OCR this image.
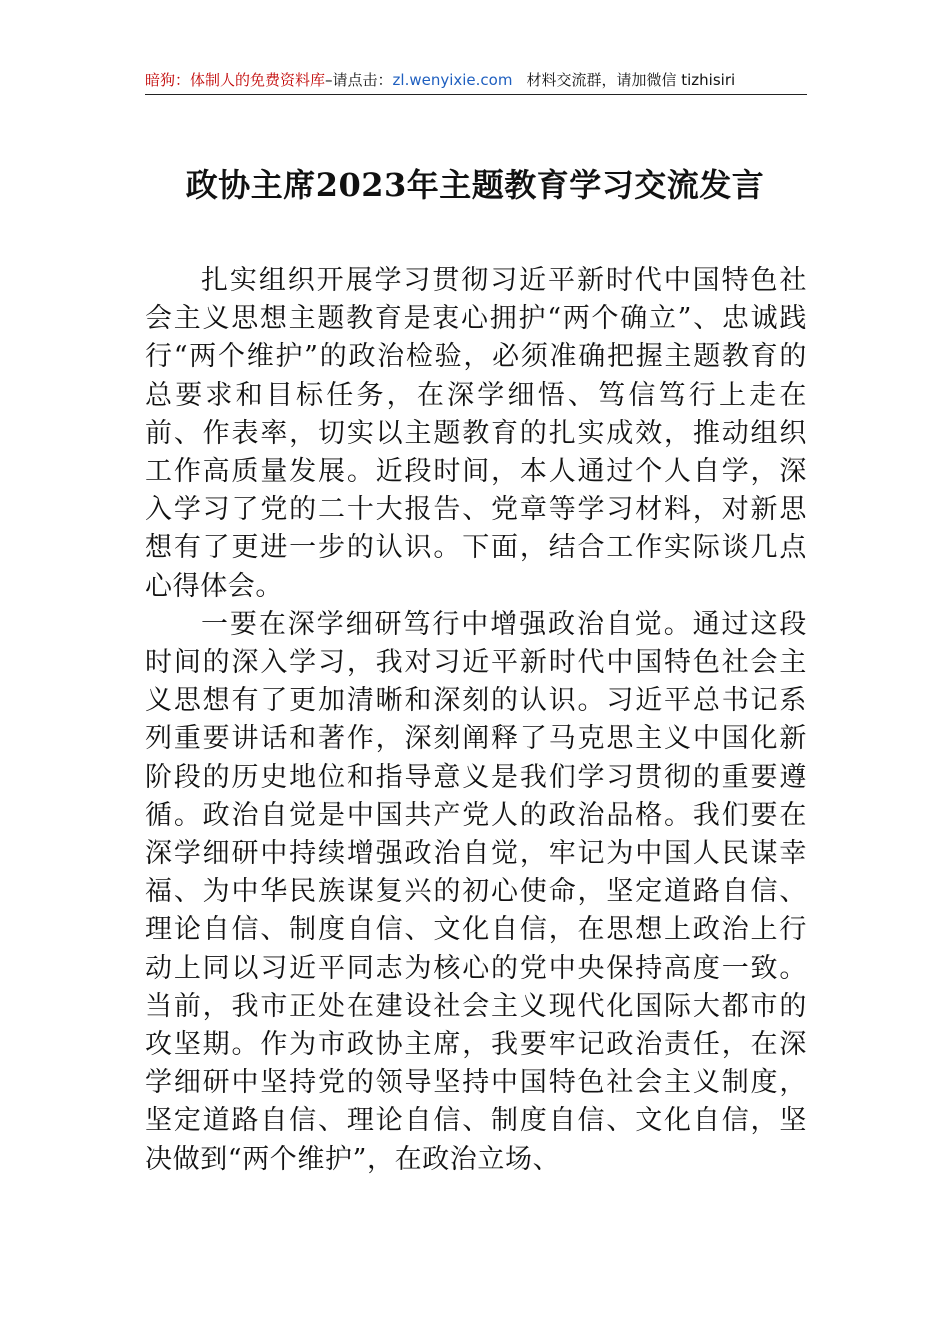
暗狗：体制人的免费资料库–请点击：zl.wenyixie.com 材料交流群，请加微信 tizhisiri
政协主席2023年主题教育学习交流发言

扎实组织开展学习贯彻习近平新时代中国特色社会主义思想主题教育是衷心拥护“两个确立”、忠诚践行“两个维护”的政治检验，必须准确把握主题教育的总要求和目标任务，在深学细悟、笃信笃行上走在前、作表率，切实以主题教育的扎实成效，推动组织工作高质量发展。近段时间，本人通过个人自学，深入学习了党的二十大报告、党章等学习材料，对新思想有了更进一步的认识。下面，结合工作实际谈几点心得体会。

一要在深学细研笃行中增强政治自觉。通过这段时间的深入学习，我对习近平新时代中国特色社会主义思想有了更加清晰和深刻的认识。习近平总书记系列重要讲话和著作，深刻阐释了马克思主义中国化新阶段的历史地位和指导意义是我们学习贯彻的重要遵循。政治自觉是中国共产党人的政治品格。我们要在深学细研中持续增强政治自觉，牢记为中国人民谋幸福、为中华民族谋复兴的初心使命，坚定道路自信、理论自信、制度自信、文化自信，在思想上政治上行动上同以习近平同志为核心的党中央保持高度一致。当前，我市正处在建设社会主义现代化国际大都市的攻坚期。作为市政协主席，我要牢记政治责任，在深学细研中坚持党的领导坚持中国特色社会主义制度，坚定道路自信、理论自信、制度自信、文化自信，坚决做到“两个维护”，在政治立场、
